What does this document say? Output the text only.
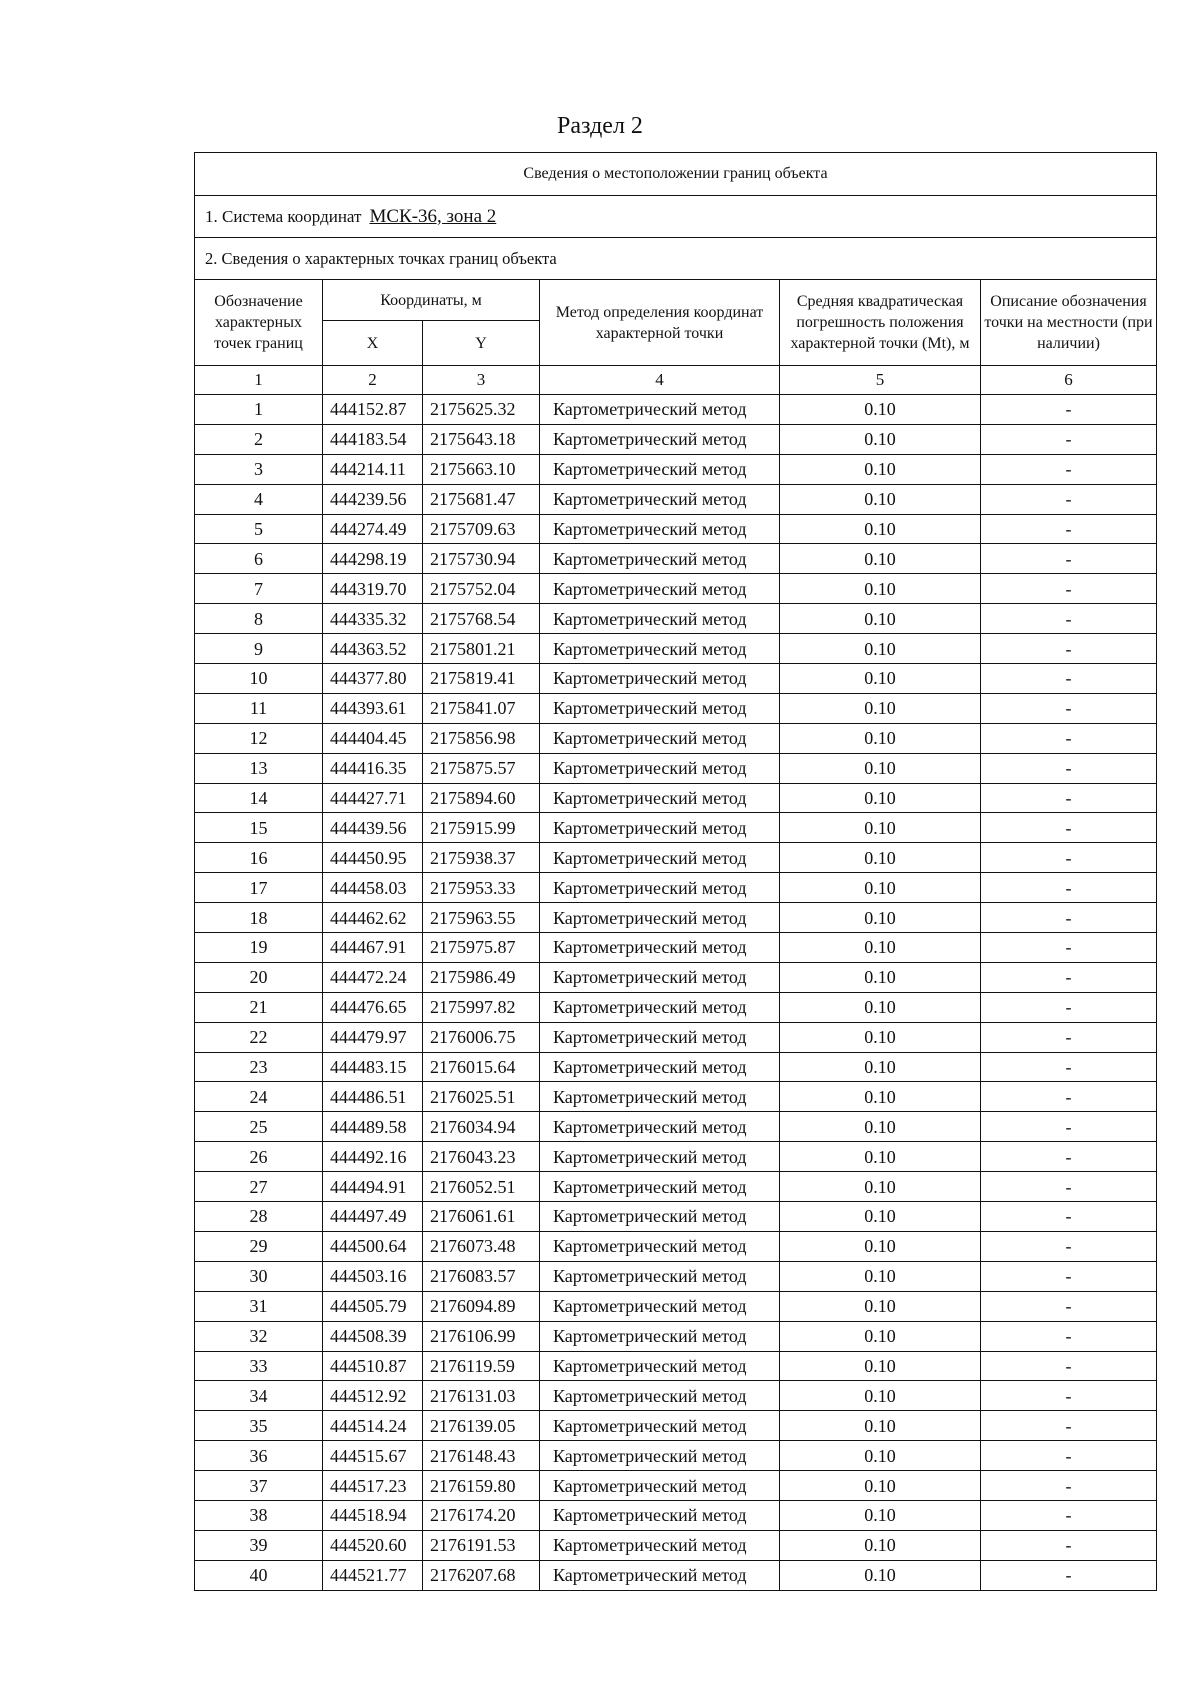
Раздел 2
Сведения о местоположении границ объекта					
1. Система координат МСК-36, зона 2					
2. Сведения о характерных точках границ объекта					
Обозначение характерных точек границ	Координаты, м		Метод определения координат характерной точки	Средняя квадратическая погрешность положения характерной точки (Mt), м	Описание обозначения точки на местности (при наличии)
	X	Y			
1	2	3	4	5	6
1	444152.87	2175625.32	Картометрический метод	0.10	-
2	444183.54	2175643.18	Картометрический метод	0.10	-
3	444214.11	2175663.10	Картометрический метод	0.10	-
4	444239.56	2175681.47	Картометрический метод	0.10	-
5	444274.49	2175709.63	Картометрический метод	0.10	-
6	444298.19	2175730.94	Картометрический метод	0.10	-
7	444319.70	2175752.04	Картометрический метод	0.10	-
8	444335.32	2175768.54	Картометрический метод	0.10	-
9	444363.52	2175801.21	Картометрический метод	0.10	-
10	444377.80	2175819.41	Картометрический метод	0.10	-
11	444393.61	2175841.07	Картометрический метод	0.10	-
12	444404.45	2175856.98	Картометрический метод	0.10	-
13	444416.35	2175875.57	Картометрический метод	0.10	-
14	444427.71	2175894.60	Картометрический метод	0.10	-
15	444439.56	2175915.99	Картометрический метод	0.10	-
16	444450.95	2175938.37	Картометрический метод	0.10	-
17	444458.03	2175953.33	Картометрический метод	0.10	-
18	444462.62	2175963.55	Картометрический метод	0.10	-
19	444467.91	2175975.87	Картометрический метод	0.10	-
20	444472.24	2175986.49	Картометрический метод	0.10	-
21	444476.65	2175997.82	Картометрический метод	0.10	-
22	444479.97	2176006.75	Картометрический метод	0.10	-
23	444483.15	2176015.64	Картометрический метод	0.10	-
24	444486.51	2176025.51	Картометрический метод	0.10	-
25	444489.58	2176034.94	Картометрический метод	0.10	-
26	444492.16	2176043.23	Картометрический метод	0.10	-
27	444494.91	2176052.51	Картометрический метод	0.10	-
28	444497.49	2176061.61	Картометрический метод	0.10	-
29	444500.64	2176073.48	Картометрический метод	0.10	-
30	444503.16	2176083.57	Картометрический метод	0.10	-
31	444505.79	2176094.89	Картометрический метод	0.10	-
32	444508.39	2176106.99	Картометрический метод	0.10	-
33	444510.87	2176119.59	Картометрический метод	0.10	-
34	444512.92	2176131.03	Картометрический метод	0.10	-
35	444514.24	2176139.05	Картометрический метод	0.10	-
36	444515.67	2176148.43	Картометрический метод	0.10	-
37	444517.23	2176159.80	Картометрический метод	0.10	-
38	444518.94	2176174.20	Картометрический метод	0.10	-
39	444520.60	2176191.53	Картометрический метод	0.10	-
40	444521.77	2176207.68	Картометрический метод	0.10	-
